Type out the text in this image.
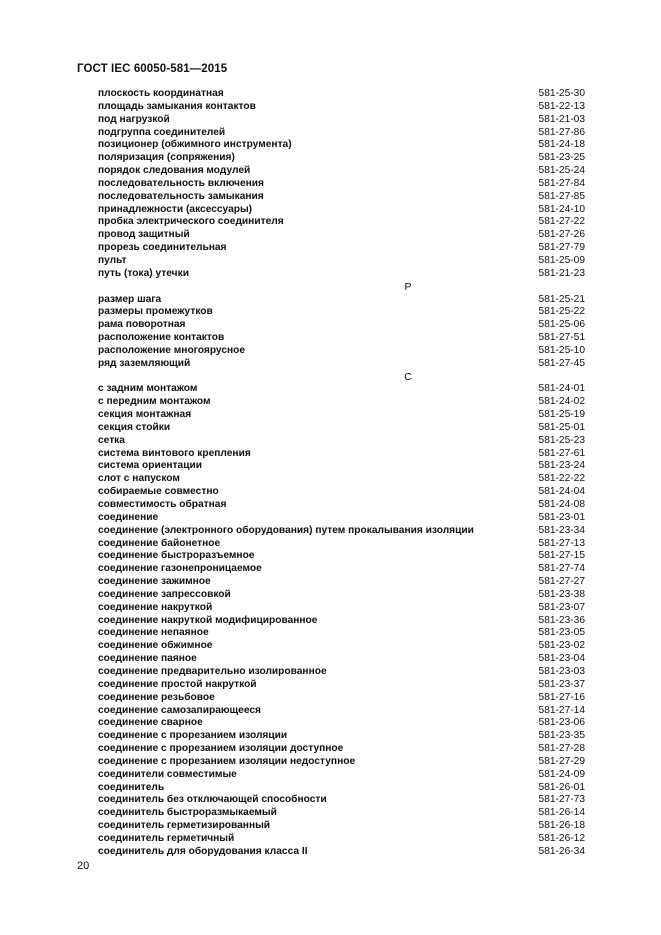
ГОСТ IEC 60050-581—2015
плоскость координатная	581-25-30
площадь замыкания контактов	581-22-13
под нагрузкой	581-21-03
подгруппа соединителей	581-27-86
позиционер (обжимного инструмента)	581-24-18
поляризация (сопряжения)	581-23-25
порядок следования модулей	581-25-24
последовательность включения	581-27-84
последовательность замыкания	581-27-85
принадлежности (аксессуары)	581-24-10
пробка электрического соединителя	581-27-22
провод защитный	581-27-26
прорезь соединительная	581-27-79
пульт	581-25-09
путь (тока) утечки	581-21-23
Р
размер шага	581-25-21
размеры промежутков	581-25-22
рама поворотная	581-25-06
расположение контактов	581-27-51
расположение многоярусное	581-25-10
ряд заземляющий	581-27-45
С
с задним монтажом	581-24-01
с передним монтажом	581-24-02
секция монтажная	581-25-19
секция стойки	581-25-01
сетка	581-25-23
система винтового крепления	581-27-61
система ориентации	581-23-24
слот с напуском	581-22-22
собираемые совместно	581-24-04
совместимость обратная	581-24-08
соединение	581-23-01
соединение (электронного оборудования) путем прокалывания изоляции	581-23-34
соединение байонетное	581-27-13
соединение быстроразъемное	581-27-15
соединение газонепроницаемое	581-27-74
соединение зажимное	581-27-27
соединение запрессовкой	581-23-38
соединение накруткой	581-23-07
соединение накруткой модифицированное	581-23-36
соединение непаяное	581-23-05
соединение обжимное	581-23-02
соединение паяное	581-23-04
соединение предварительно изолированное	581-23-03
соединение простой накруткой	581-23-37
соединение резьбовое	581-27-16
соединение самозапирающееся	581-27-14
соединение сварное	581-23-06
соединение с прорезанием изоляции	581-23-35
соединение с прорезанием изоляции доступное	581-27-28
соединение с прорезанием изоляции недоступное	581-27-29
соединители совместимые	581-24-09
соединитель	581-26-01
соединитель без отключающей способности	581-27-73
соединитель быстроразмыкаемый	581-26-14
соединитель герметизированный	581-26-18
соединитель герметичный	581-26-12
соединитель для оборудования класса II	581-26-34
20
